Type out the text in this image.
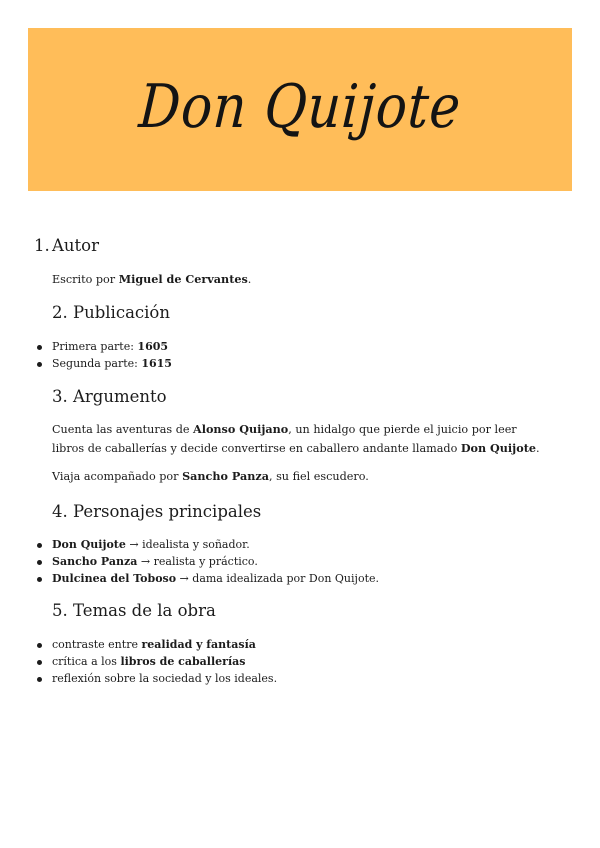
Don Quijote
1. Autor

Escrito por Miguel de Cervantes.

2. Publicación
Primera parte: 1605
Segunda parte: 1615
3. Argumento

Cuenta las aventuras de Alonso Quijano, un hidalgo que pierde el juicio por leer libros de caballerías y decide convertirse en caballero andante llamado Don Quijote.

Viaja acompañado por Sancho Panza, su fiel escudero.

4. Personajes principales
Don Quijote → idealista y soñador.
Sancho Panza → realista y práctico.
Dulcinea del Toboso → dama idealizada por Don Quijote.
5. Temas de la obra
contraste entre realidad y fantasía
crítica a los libros de caballerías
reflexión sobre la sociedad y los ideales.
